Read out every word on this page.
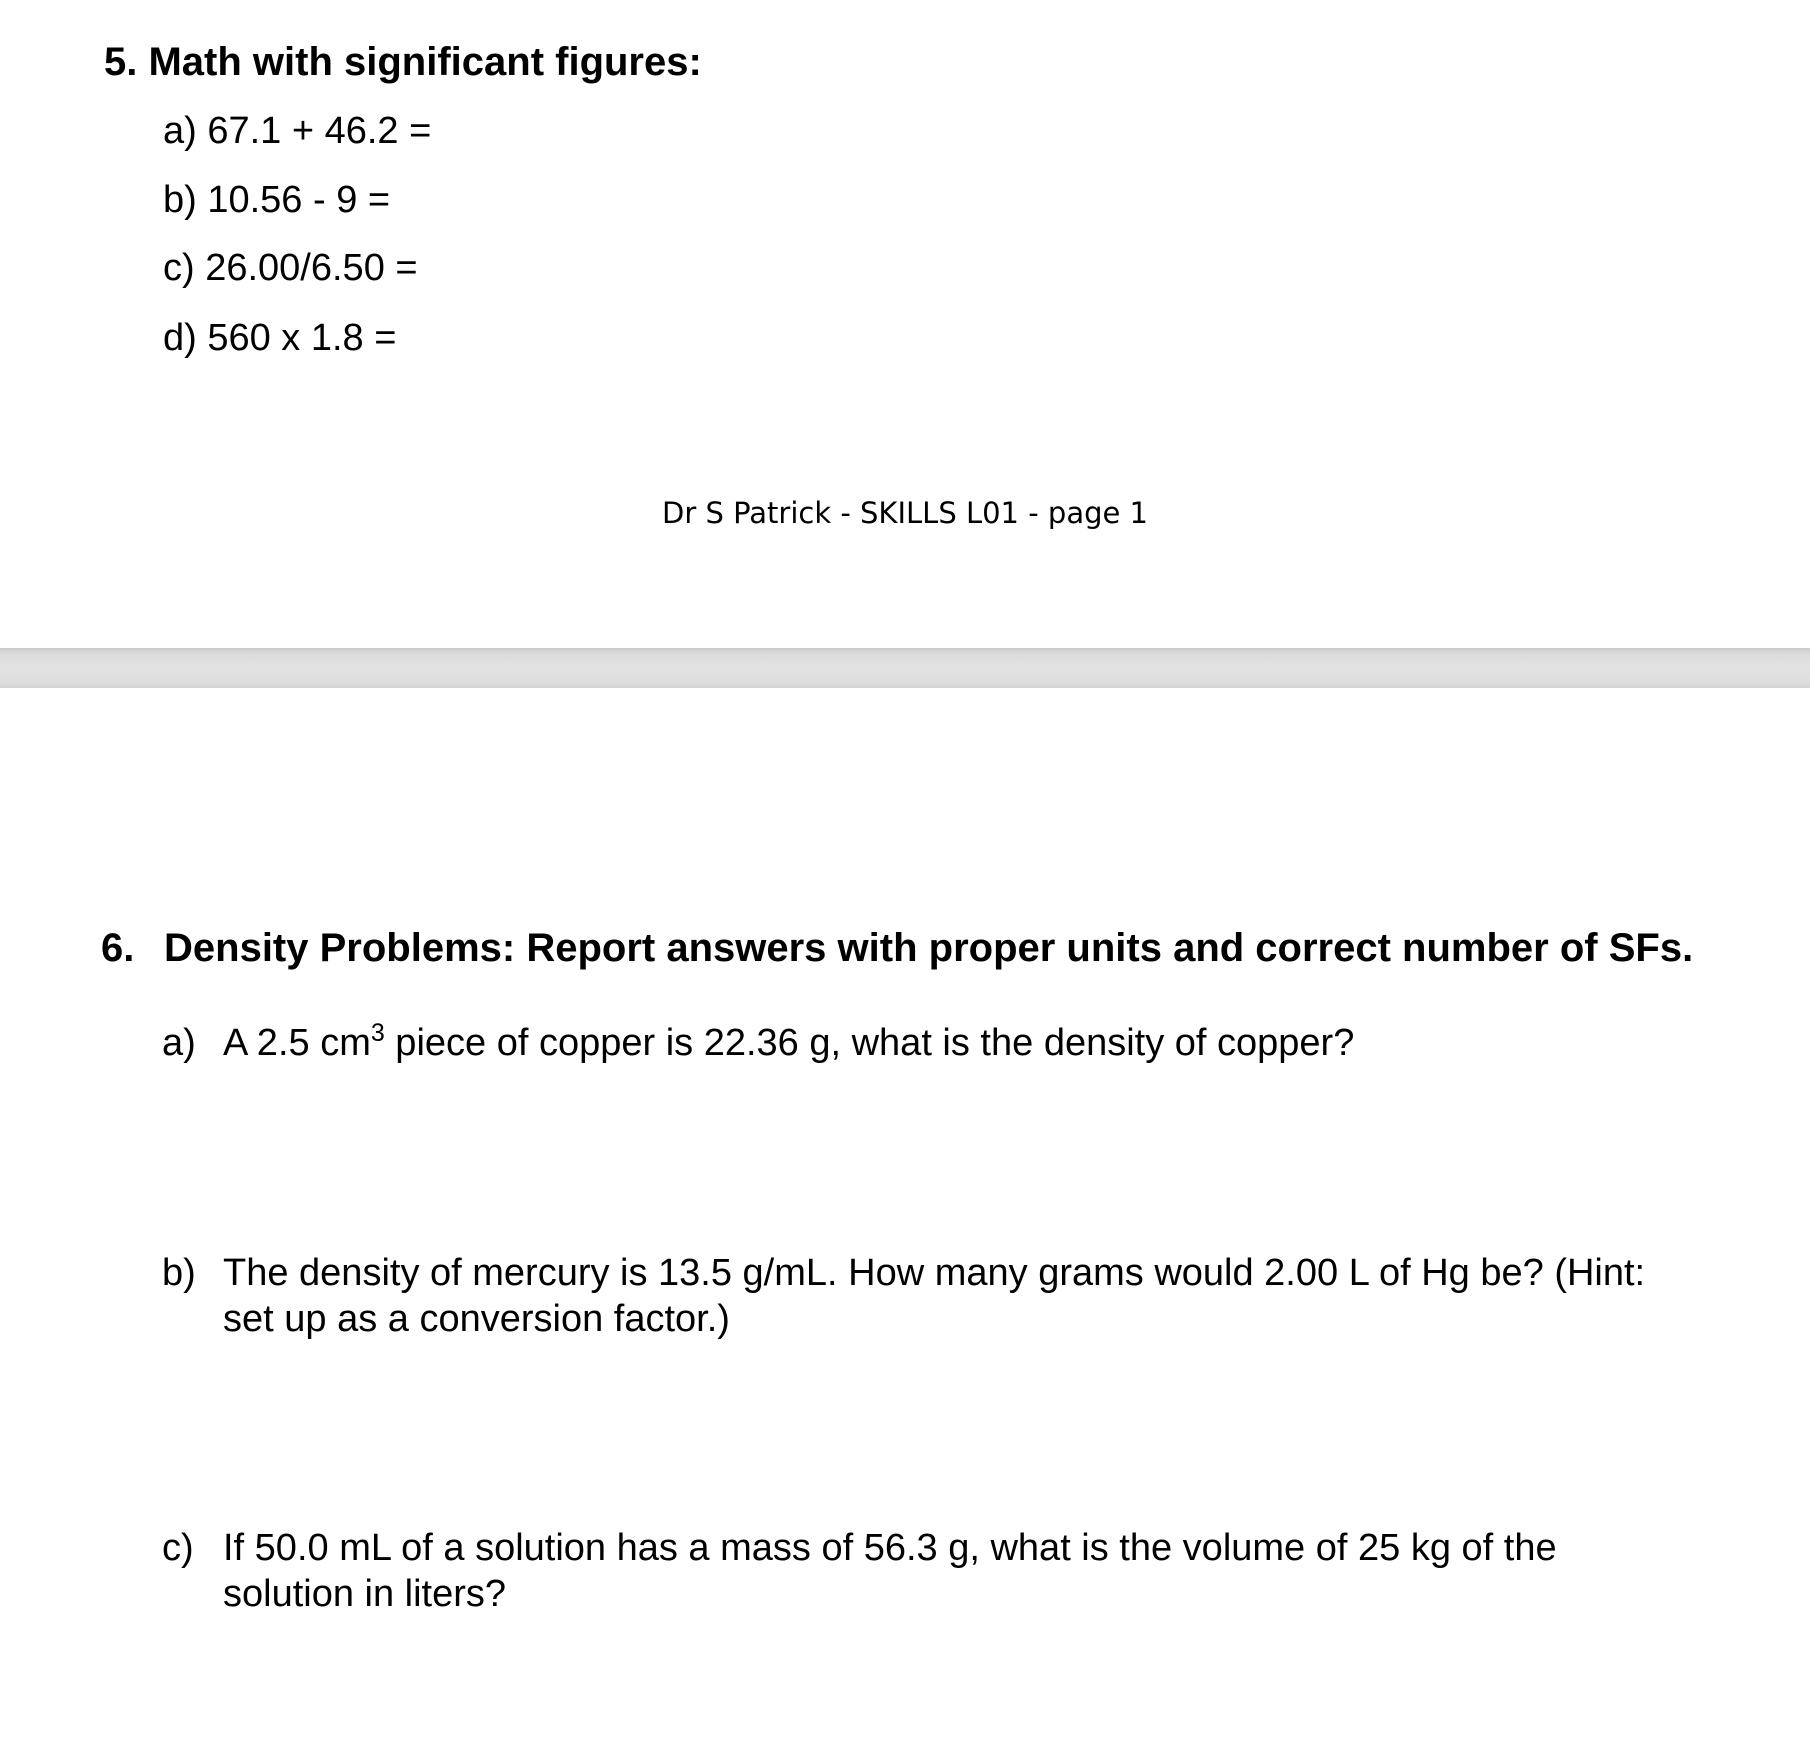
5. Math with significant figures:
a) 67.1 + 46.2 =
b) 10.56 - 9 =
c) 26.00/6.50 =
d) 560 x 1.8 =
Dr S Patrick - SKILLS L01 - page 1
6. Density Problems: Report answers with proper units and correct number of SFs.
a) A 2.5 $cm^3$ piece of copper is 22.36 g, what is the density of copper?
b) The density of mercury is 13.5 g/mL. How many grams would 2.00 L of Hg be? (Hint:
set up as a conversion factor.)
c) If 50.0 mL of a solution has a mass of 56.3 g, what is the volume of 25 kg of the
solution in liters?
